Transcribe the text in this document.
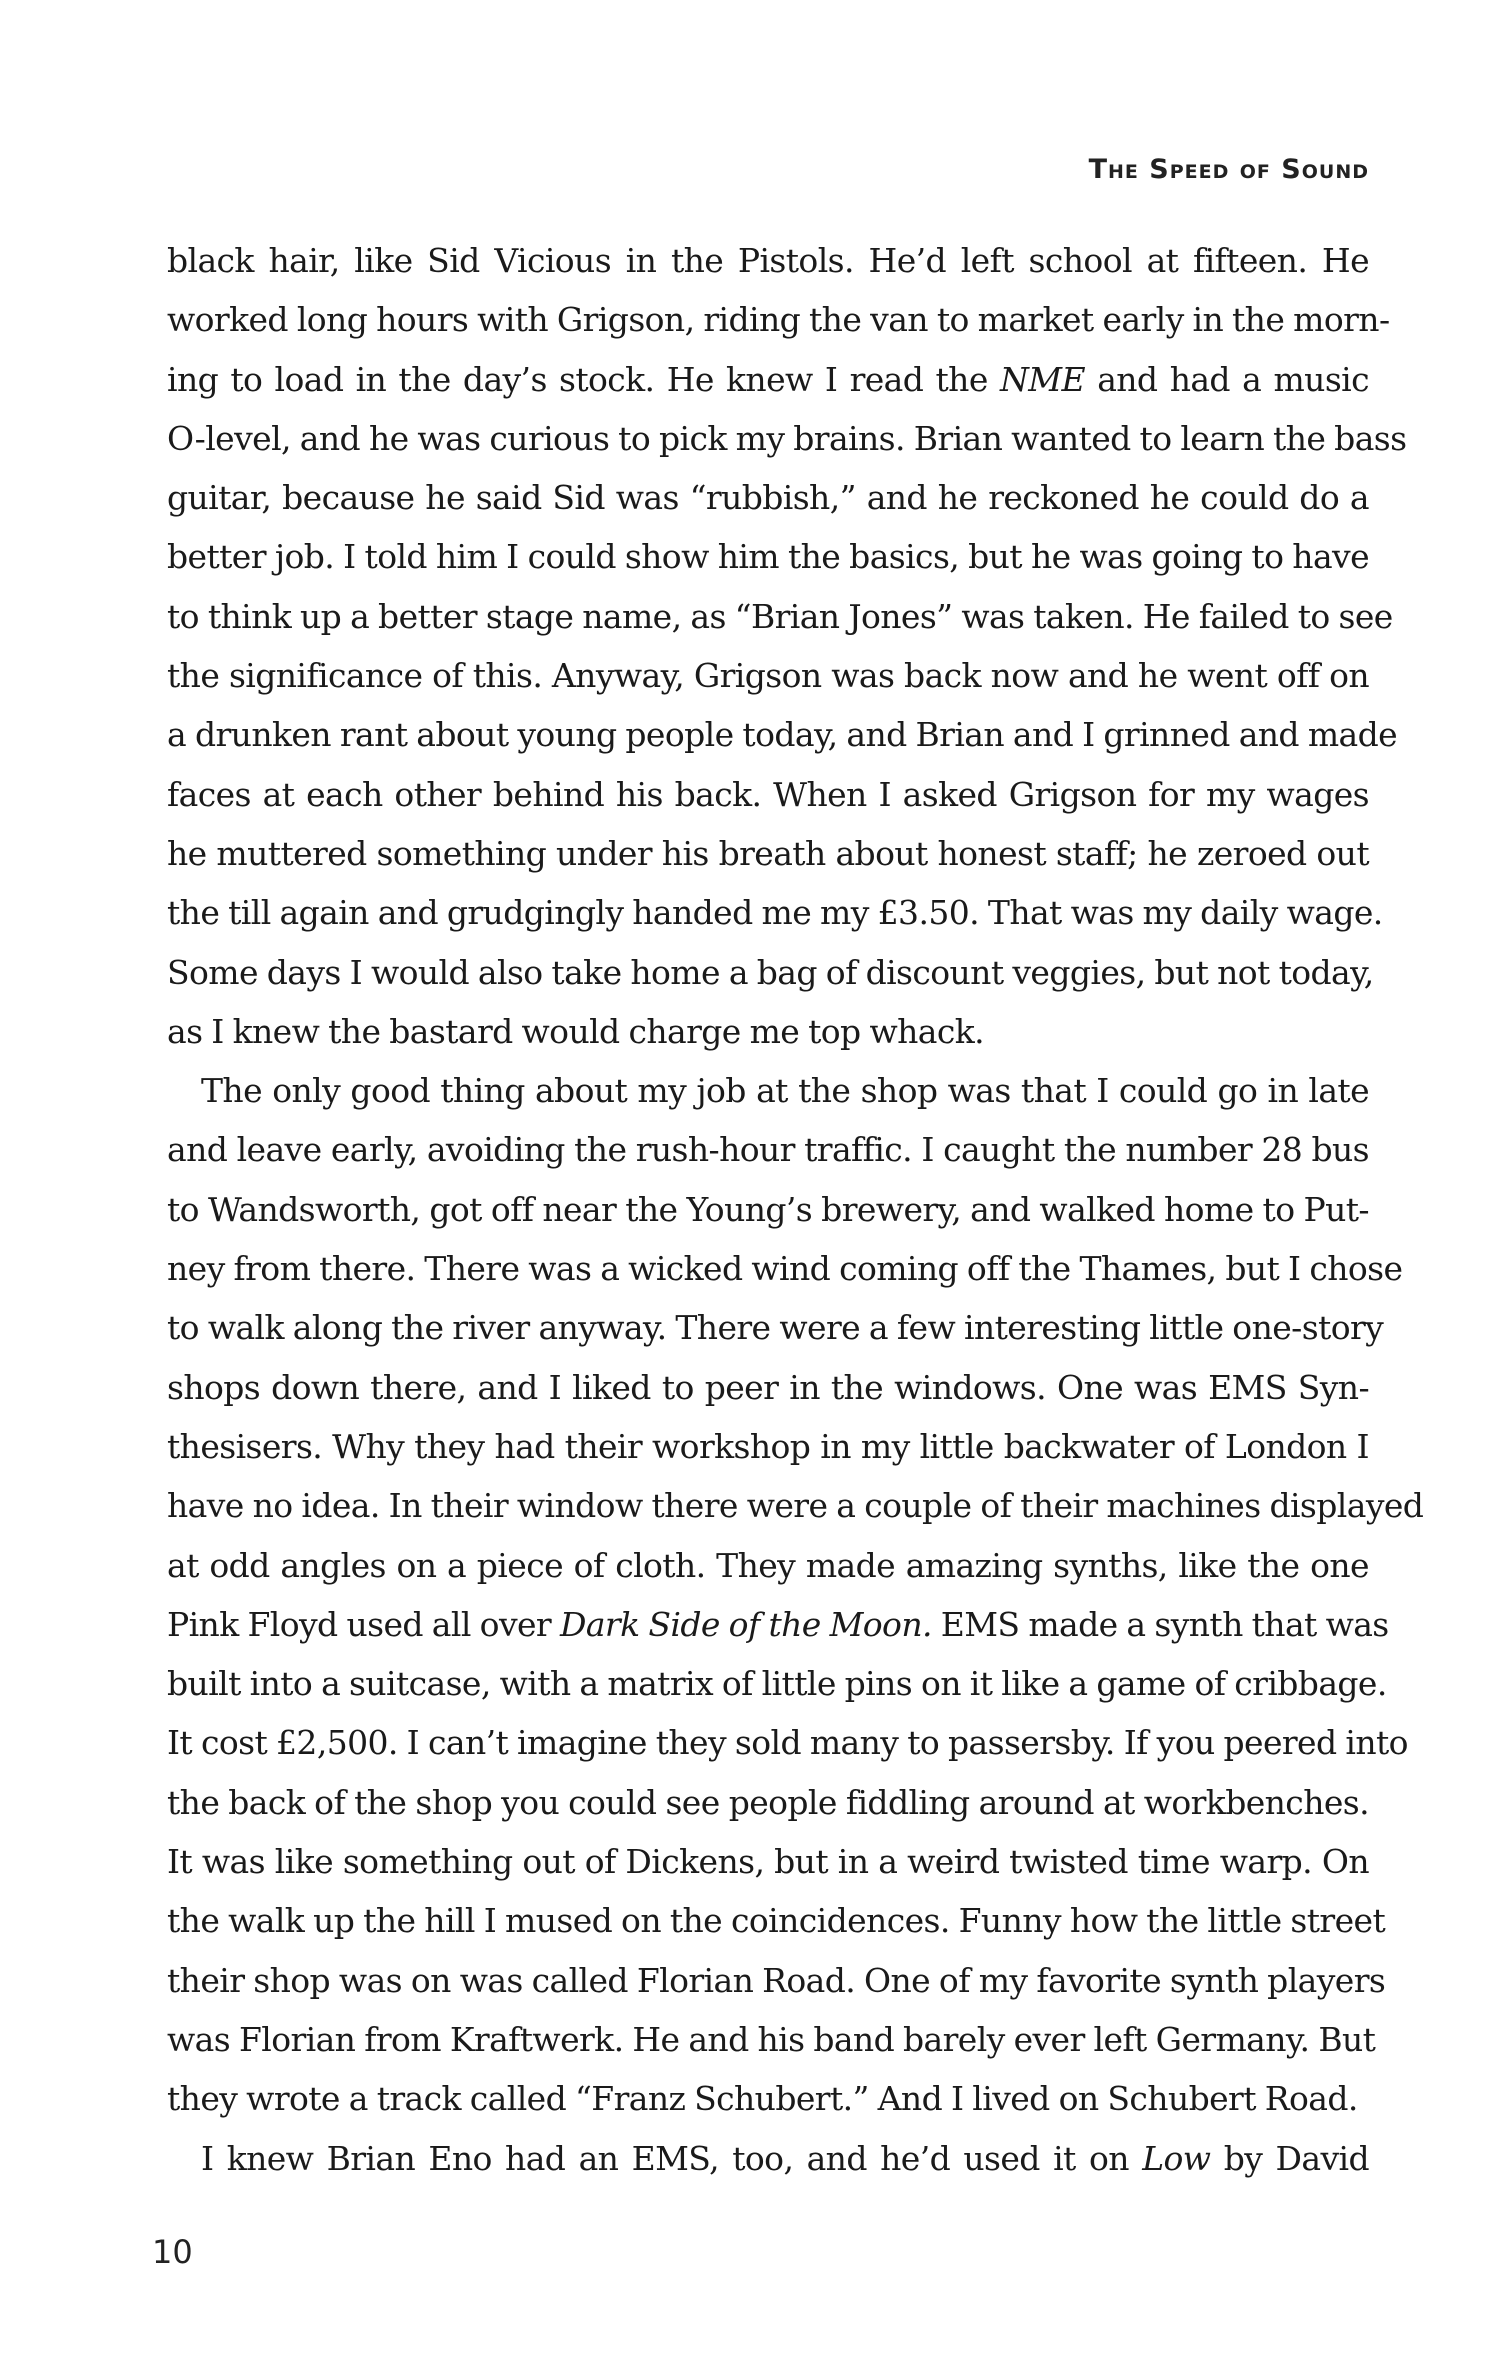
The Speed of Sound
black hair, like Sid Vicious in the Pistols. He’d left school at fifteen. He
worked long hours with Grigson, riding the van to market early in the morn-
ing to load in the day’s stock. He knew I read the NME and had a music
O-level, and he was curious to pick my brains. Brian wanted to learn the bass
guitar, because he said Sid was “rubbish,” and he reckoned he could do a
better job. I told him I could show him the basics, but he was going to have
to think up a better stage name, as “Brian Jones” was taken. He failed to see
the significance of this. Anyway, Grigson was back now and he went off on
a drunken rant about young people today, and Brian and I grinned and made
faces at each other behind his back. When I asked Grigson for my wages
he muttered something under his breath about honest staff; he zeroed out
the till again and grudgingly handed me my £3.50. That was my daily wage.
Some days I would also take home a bag of discount veggies, but not today,
as I knew the bastard would charge me top whack.
The only good thing about my job at the shop was that I could go in late
and leave early, avoiding the rush-hour traffic. I caught the number 28 bus
to Wandsworth, got off near the Young’s brewery, and walked home to Put-
ney from there. There was a wicked wind coming off the Thames, but I chose
to walk along the river anyway. There were a few interesting little one-story
shops down there, and I liked to peer in the windows. One was EMS Syn-
thesisers. Why they had their workshop in my little backwater of London I
have no idea. In their window there were a couple of their machines displayed
at odd angles on a piece of cloth. They made amazing synths, like the one
Pink Floyd used all over Dark Side of the Moon. EMS made a synth that was
built into a suitcase, with a matrix of little pins on it like a game of cribbage.
It cost £2,500. I can’t imagine they sold many to passersby. If you peered into
the back of the shop you could see people fiddling around at workbenches.
It was like something out of Dickens, but in a weird twisted time warp. On
the walk up the hill I mused on the coincidences. Funny how the little street
their shop was on was called Florian Road. One of my favorite synth players
was Florian from Kraftwerk. He and his band barely ever left Germany. But
they wrote a track called “Franz Schubert.” And I lived on Schubert Road.
I knew Brian Eno had an EMS, too, and he’d used it on Low by David
10
